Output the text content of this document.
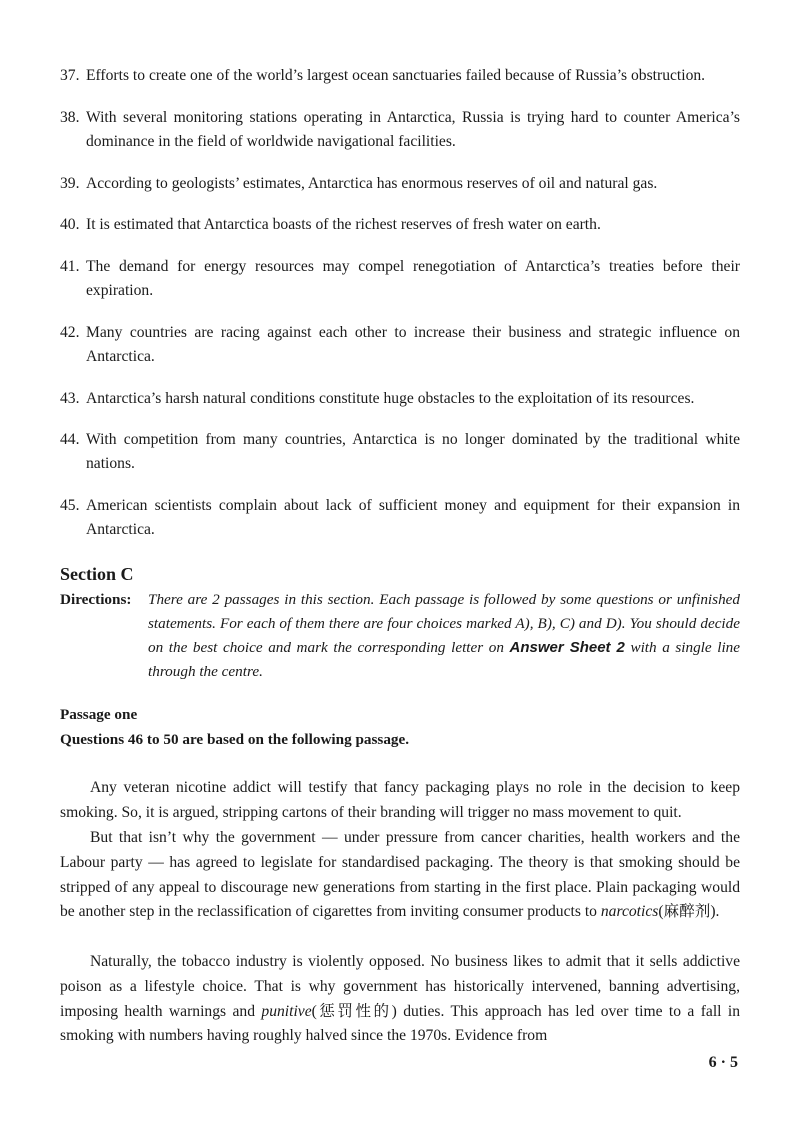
37. Efforts to create one of the world’s largest ocean sanctuaries failed because of Russia’s obstruction.
38. With several monitoring stations operating in Antarctica, Russia is trying hard to counter America’s dominance in the field of worldwide navigational facilities.
39. According to geologists’ estimates, Antarctica has enormous reserves of oil and natural gas.
40. It is estimated that Antarctica boasts of the richest reserves of fresh water on earth.
41. The demand for energy resources may compel renegotiation of Antarctica’s treaties before their expiration.
42. Many countries are racing against each other to increase their business and strategic influence on Antarctica.
43. Antarctica’s harsh natural conditions constitute huge obstacles to the exploitation of its resources.
44. With competition from many countries, Antarctica is no longer dominated by the traditional white nations.
45. American scientists complain about lack of sufficient money and equipment for their expansion in Antarctica.
Section C
Directions: There are 2 passages in this section. Each passage is followed by some questions or unfinished statements. For each of them there are four choices marked A), B), C) and D). You should decide on the best choice and mark the corresponding letter on Answer Sheet 2 with a single line through the centre.
Passage one
Questions 46 to 50 are based on the following passage.
Any veteran nicotine addict will testify that fancy packaging plays no role in the decision to keep smoking. So, it is argued, stripping cartons of their branding will trigger no mass movement to quit.
But that isn’t why the government — under pressure from cancer charities, health workers and the Labour party — has agreed to legislate for standardised packaging. The theory is that smoking should be stripped of any appeal to discourage new generations from starting in the first place. Plain packaging would be another step in the reclassification of cigarettes from inviting consumer products to narcotics(麻醉剂).
Naturally, the tobacco industry is violently opposed. No business likes to admit that it sells addictive poison as a lifestyle choice. That is why government has historically intervened, banning advertising, imposing health warnings and punitive(惩罚性的) duties. This approach has led over time to a fall in smoking with numbers having roughly halved since the 1970s. Evidence from
6 · 5
